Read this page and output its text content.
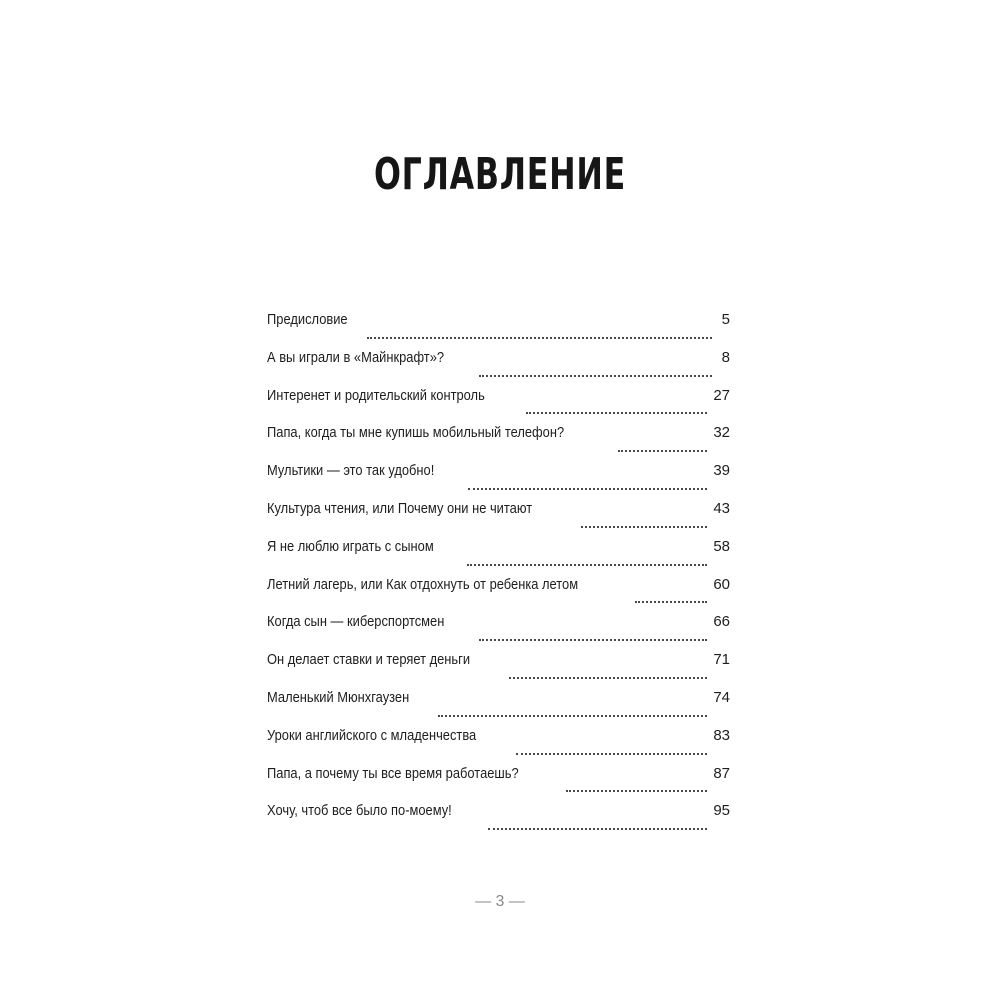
ОГЛАВЛЕНИЕ
Предисловие	5
А вы играли в «Майнкрафт»?	8
Интеренет и родительский контроль	27
Папа, когда ты мне купишь мобильный телефон?	32
Мультики — это так удобно!	39
Культура чтения, или Почему они не читают	43
Я не люблю играть с сыном	58
Летний лагерь, или Как отдохнуть от ребенка летом	60
Когда сын — киберспортсмен	66
Он делает ставки и теряет деньги	71
Маленький Мюнхгаузен	74
Уроки английского с младенчества	83
Папа, а почему ты все время работаешь?	87
Хочу, чтоб все было по-моему!	95
— 3 —
